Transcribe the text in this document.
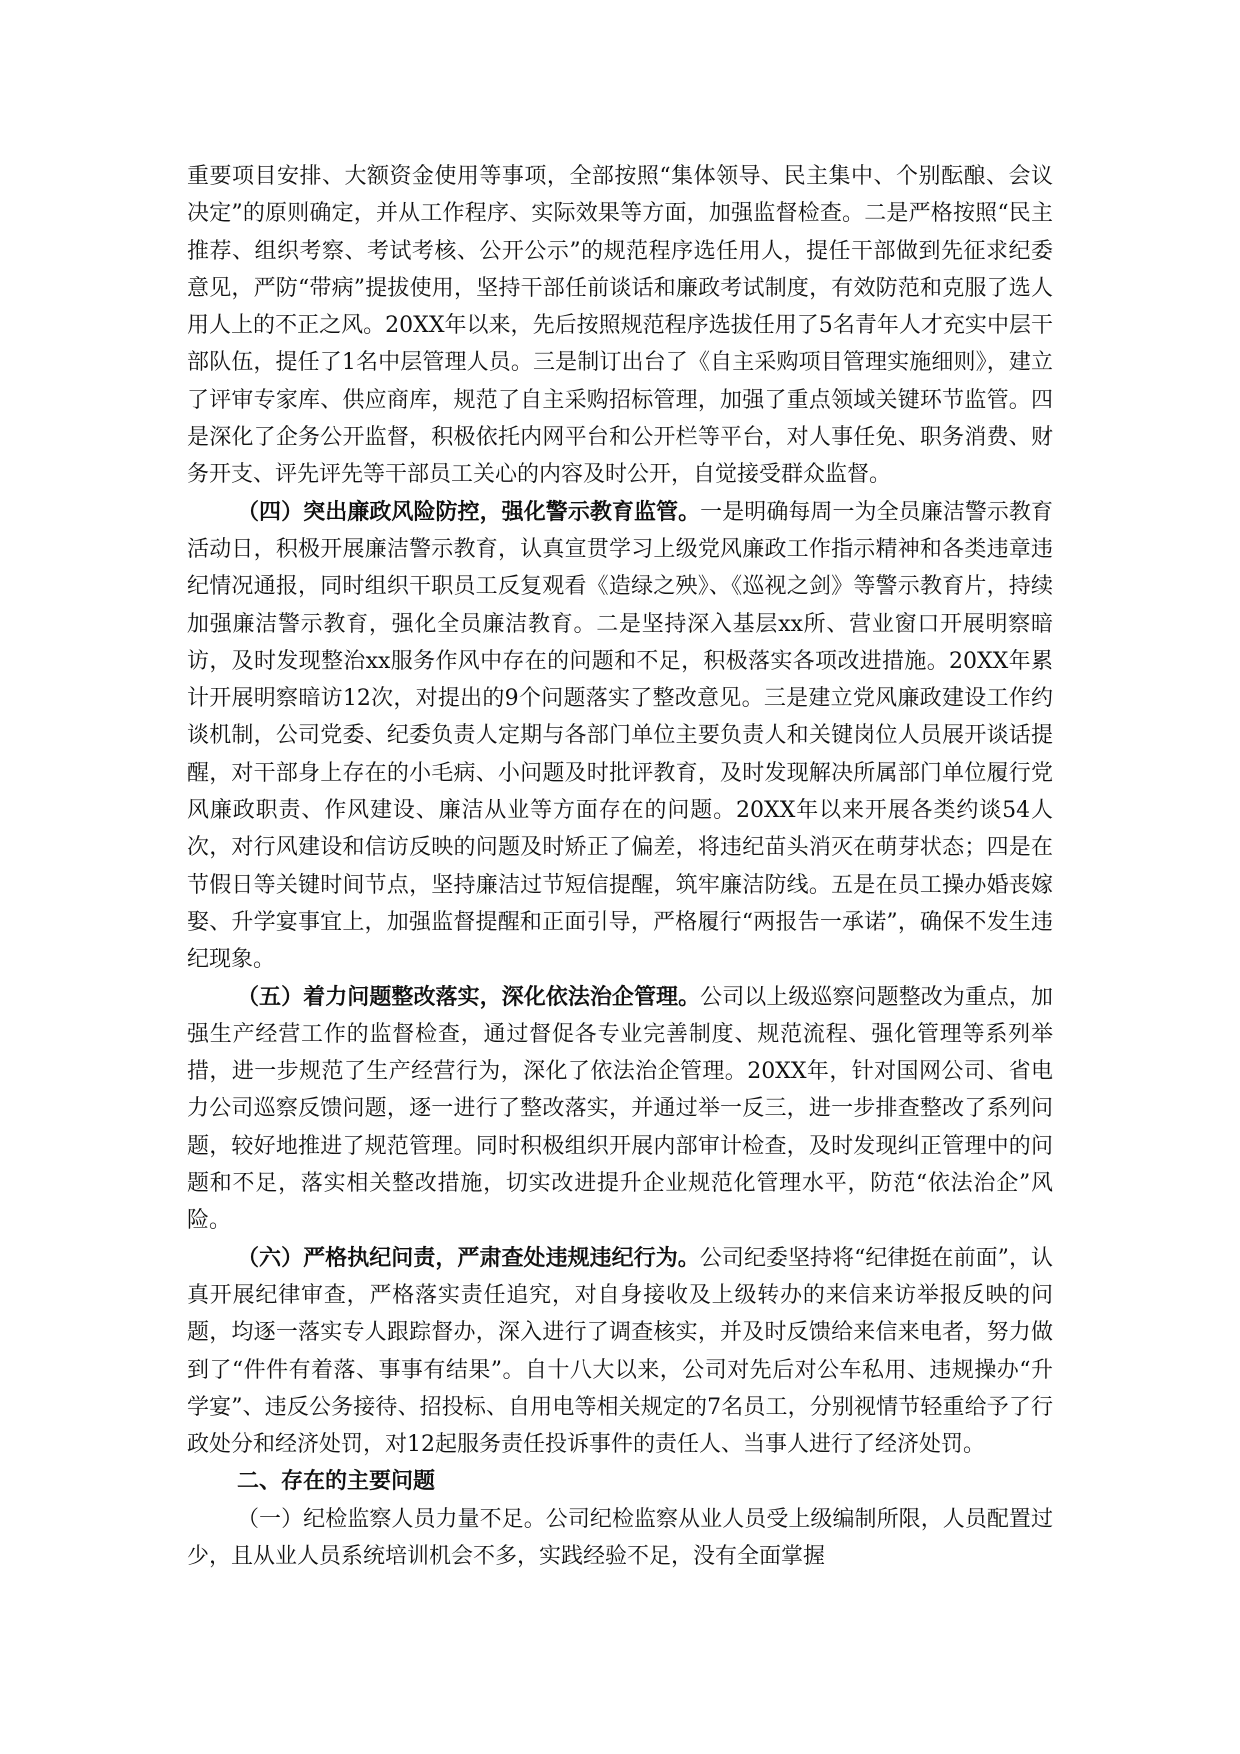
重要项目安排、大额资金使用等事项，全部按照“集体领导、民主集中、个别酝酿、会议决定”的原则确定，并从工作程序、实际效果等方面，加强监督检查。二是严格按照“民主推荐、组织考察、考试考核、公开公示”的规范程序选任用人，提任干部做到先征求纪委意见，严防“带病”提拔使用，坚持干部任前谈话和廉政考试制度，有效防范和克服了选人用人上的不正之风。20XX年以来，先后按照规范程序选拔任用了5名青年人才充实中层干部队伍，提任了1名中层管理人员。三是制订出台了《自主采购项目管理实施细则》，建立了评审专家库、供应商库，规范了自主采购招标管理，加强了重点领域关键环节监管。四是深化了企务公开监督，积极依托内网平台和公开栏等平台，对人事任免、职务消费、财务开支、评先评先等干部员工关心的内容及时公开，自觉接受群众监督。

（四）突出廉政风险防控，强化警示教育监管。一是明确每周一为全员廉洁警示教育活动日，积极开展廉洁警示教育，认真宣贯学习上级党风廉政工作指示精神和各类违章违纪情况通报，同时组织干职员工反复观看《造绿之殃》、《巡视之剑》等警示教育片，持续加强廉洁警示教育，强化全员廉洁教育。二是坚持深入基层xx所、营业窗口开展明察暗访，及时发现整治xx服务作风中存在的问题和不足，积极落实各项改进措施。20XX年累计开展明察暗访12次，对提出的9个问题落实了整改意见。三是建立党风廉政建设工作约谈机制，公司党委、纪委负责人定期与各部门单位主要负责人和关键岗位人员展开谈话提醒，对干部身上存在的小毛病、小问题及时批评教育，及时发现解决所属部门单位履行党风廉政职责、作风建设、廉洁从业等方面存在的问题。20XX年以来开展各类约谈54人次，对行风建设和信访反映的问题及时矫正了偏差，将违纪苗头消灭在萌芽状态；四是在节假日等关键时间节点，坚持廉洁过节短信提醒，筑牢廉洁防线。五是在员工操办婚丧嫁娶、升学宴事宜上，加强监督提醒和正面引导，严格履行“两报告一承诺”，确保不发生违纪现象。

（五）着力问题整改落实，深化依法治企管理。公司以上级巡察问题整改为重点，加强生产经营工作的监督检查，通过督促各专业完善制度、规范流程、强化管理等系列举措，进一步规范了生产经营行为，深化了依法治企管理。20XX年，针对国网公司、省电力公司巡察反馈问题，逐一进行了整改落实，并通过举一反三，进一步排查整改了系列问题，较好地推进了规范管理。同时积极组织开展内部审计检查，及时发现纠正管理中的问题和不足，落实相关整改措施，切实改进提升企业规范化管理水平，防范“依法治企”风险。

（六）严格执纪问责，严肃查处违规违纪行为。公司纪委坚持将“纪律挺在前面”，认真开展纪律审查，严格落实责任追究，对自身接收及上级转办的来信来访举报反映的问题，均逐一落实专人跟踪督办，深入进行了调查核实，并及时反馈给来信来电者，努力做到了“件件有着落、事事有结果”。自十八大以来，公司对先后对公车私用、违规操办“升学宴”、违反公务接待、招投标、自用电等相关规定的7名员工，分别视情节轻重给予了行政处分和经济处罚，对12起服务责任投诉事件的责任人、当事人进行了经济处罚。

二、存在的主要问题

（一）纪检监察人员力量不足。公司纪检监察从业人员受上级编制所限，人员配置过少，且从业人员系统培训机会不多，实践经验不足，没有全面掌握
